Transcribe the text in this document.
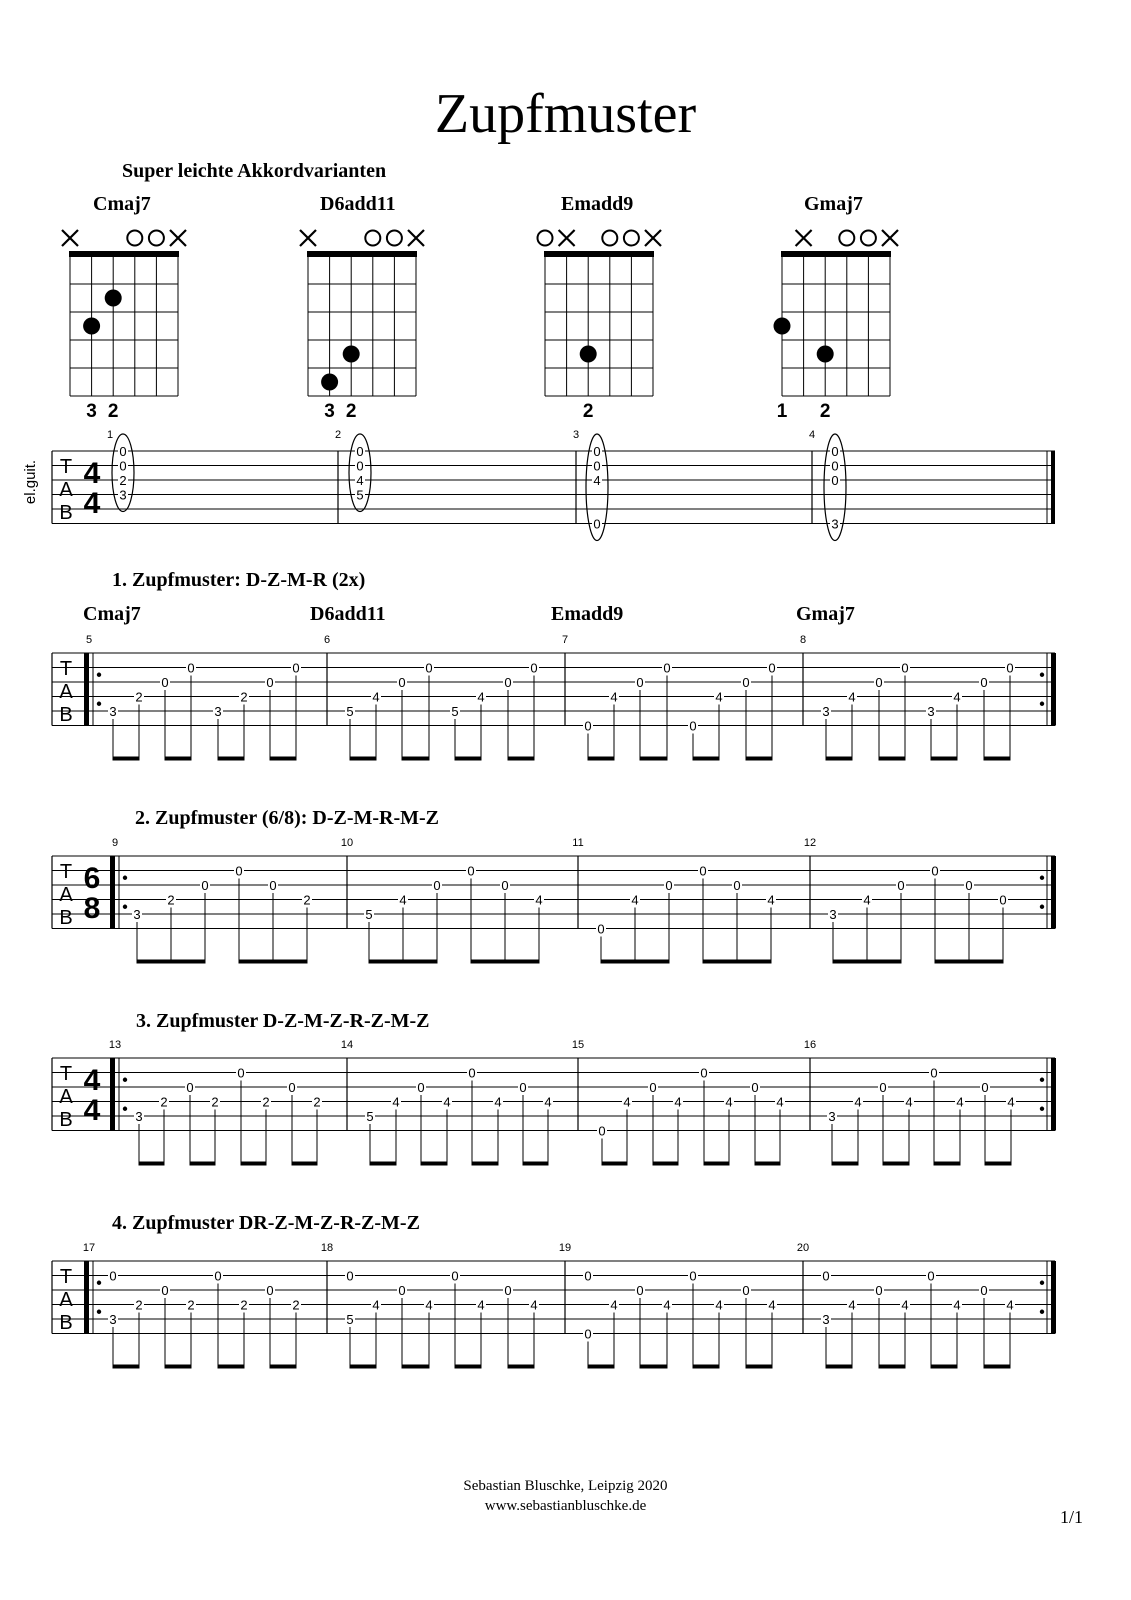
Zupfmuster
Super leichte Akkordvarianten
Cmaj7	D6add11	Emadd9	Gmaj7
1. Zupfmuster: D-Z-M-R (2x)
Cmaj7	D6add11	Emadd9	Gmaj7
2. Zupfmuster (6/8): D-Z-M-R-M-Z
3. Zupfmuster D-Z-M-Z-R-Z-M-Z
4. Zupfmuster DR-Z-M-Z-R-Z-M-Z
Sebastian Bluschke, Leipzig 2020
www.sebastianbluschke.de
1/1
3 2	3 2	2	1 2
el.guit. T
A
B
4
4
1
0
0
2
3
2
0
0
4
5
3
0
0
4
0
4
0
0
0
3
T
A
B
5
3
2
0
0
3
2
0
0
6
5
4
0
0
5
4
0
0
7
0
4
0
0
0
4
0
0
8
3
4
0
0
3
4
0
0
T
A
B
6
8
9
3
2
0
0
0
2
10
5
4
0
0
0
4
11
0
4
0
0
0
4
12
3
4
0
0
0
0
T
A
B
4
4
13
3
2
0
2
0
2
0
2
14
5
4
0
4
0
4
0
4
15
0
4
0
4
0
4
0
4
16
3
4
0
4
0
4
0
4
T
A
B
17
3
0
2
0
2
0
2
0
2
18
5
0
4
0
4
0
4
0
4
19
0
0
4
0
4
0
4
0
4
20
3
0
4
0
4
0
4
0
4
